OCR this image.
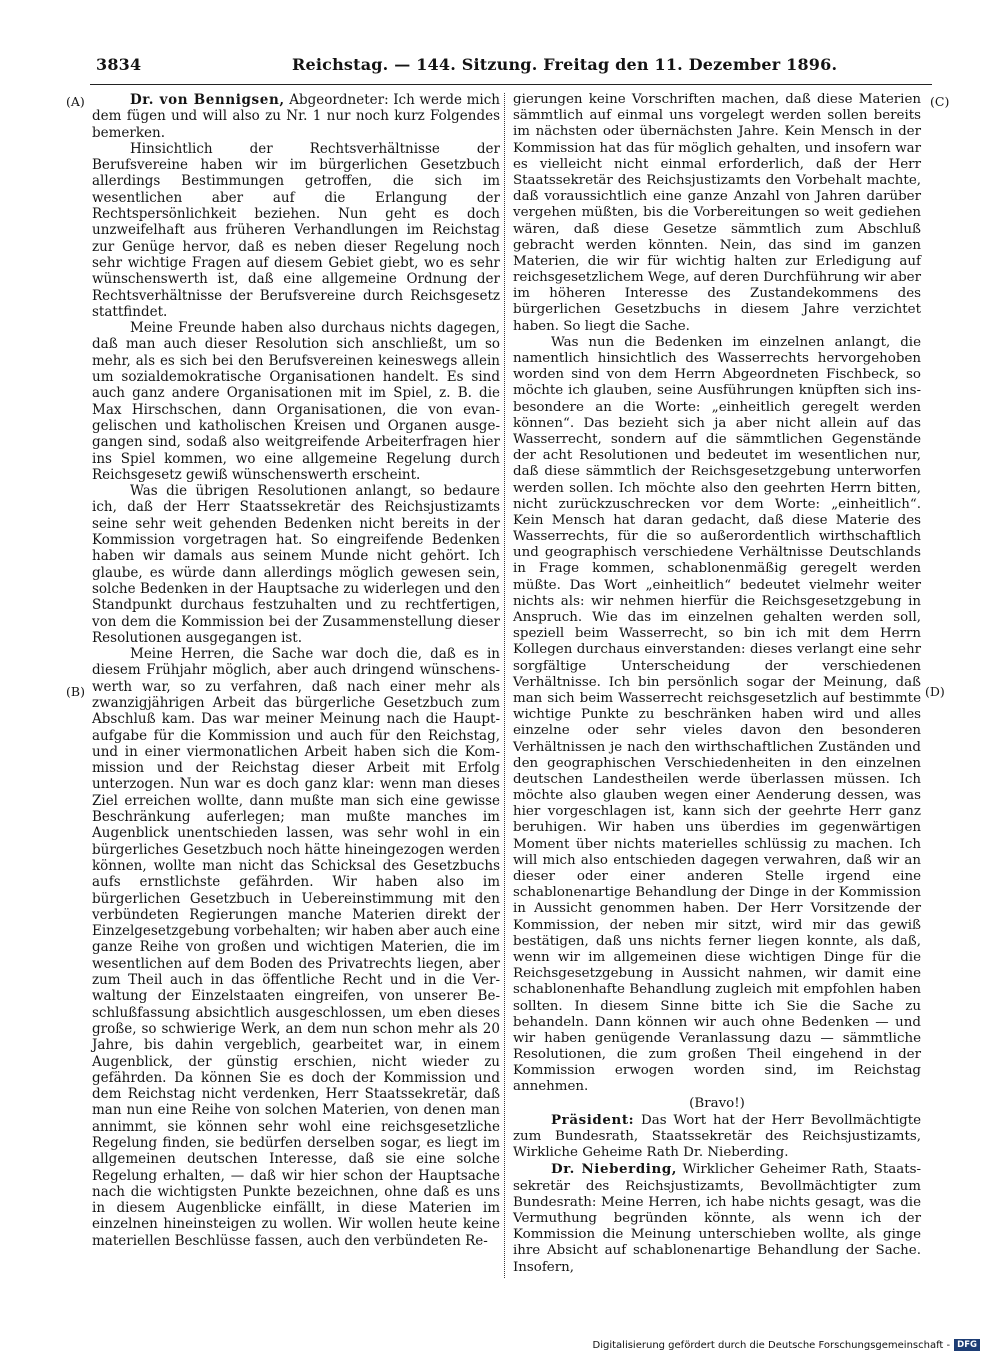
3834	Reichstag. — 144. Sitzung. Freitag den 11. Dezember 1896.
(A)
(B)
(C)
(D)

Dr. von Bennigsen, Abgeordneter: Ich werde mich dem fügen und will also zu Nr. 1 nur noch kurz Folgendes bemerken.

Hinsichtlich der Rechtsverhältnisse der Berufsvereine haben wir im bürgerlichen Gesetzbuch allerdings Bestimmungen getroffen, die sich im wesentlichen aber auf die Erlangung der Rechtspersönlichkeit beziehen. Nun geht es doch unzweifelhaft aus früheren Verhandlungen im Reichstag zur Genüge hervor, daß es neben dieser Regelung noch sehr wichtige Fragen auf diesem Gebiet giebt, wo es sehr wünschenswerth ist, daß eine allgemeine Ordnung der Rechtsverhältnisse der Berufsvereine durch Reichsgesetz stattfindet.

Meine Freunde haben also durchaus nichts dagegen, daß man auch dieser Resolution sich anschließt, um so mehr, als es sich bei den Berufsvereinen keineswegs allein um sozialdemokratische Organisationen handelt. Es sind auch ganz andere Organisationen mit im Spiel, z. B. die Max Hirschschen, dann Organisationen, die von evangelischen und katholischen Kreisen und Organen ausgegangen sind, sodaß also weitgreifende Arbeiterfragen hier ins Spiel kommen, wo eine allgemeine Regelung durch Reichsgesetz gewiß wünschenswerth erscheint.

Was die übrigen Resolutionen anlangt, so bedaure ich, daß der Herr Staatssekretär des Reichsjustizamts seine sehr weit gehenden Bedenken nicht bereits in der Kommission vorgetragen hat. So eingreifende Bedenken haben wir damals aus seinem Munde nicht gehört. Ich glaube, es würde dann allerdings möglich gewesen sein, solche Bedenken in der Hauptsache zu widerlegen und den Standpunkt durchaus festzuhalten und zu rechtfertigen, von dem die Kommission bei der Zusammenstellung dieser Resolutionen ausgegangen ist.

Meine Herren, die Sache war doch die, daß es in diesem Frühjahr möglich, aber auch dringend wünschenswerth war, so zu verfahren, daß nach einer mehr als zwanzigjährigen Arbeit das bürgerliche Gesetzbuch zum Abschluß kam. Das war meiner Meinung nach die Hauptaufgabe für die Kommission und auch für den Reichstag, und in einer viermonatlichen Arbeit haben sich die Kommission und der Reichstag dieser Arbeit mit Erfolg unterzogen. Nun war es doch ganz klar: wenn man dieses Ziel erreichen wollte, dann mußte man sich eine gewisse Beschränkung auferlegen; man mußte manches im Augenblick unentschieden lassen, was sehr wohl in ein bürgerliches Gesetzbuch noch hätte hineingezogen werden können, wollte man nicht das Schicksal des Gesetzbuchs aufs ernstlichste gefährden. Wir haben also im bürgerlichen Gesetzbuch in Uebereinstimmung mit den verbündeten Regierungen manche Materien direkt der Einzelgesetzgebung vorbehalten; wir haben aber auch eine ganze Reihe von großen und wichtigen Materien, die im wesentlichen auf dem Boden des Privatrechts liegen, aber zum Theil auch in das öffentliche Recht und in die Verwaltung der Einzelstaaten eingreifen, von unserer Beschlußfassung absichtlich ausgeschlossen, um eben dieses große, so schwierige Werk, an dem nun schon mehr als 20 Jahre, bis dahin vergeblich, gearbeitet war, in einem Augenblick, der günstig erschien, nicht wieder zu gefährden. Da können Sie es doch der Kommission und dem Reichstag nicht verdenken, Herr Staatssekretär, daß man nun eine Reihe von solchen Materien, von denen man annimmt, sie können sehr wohl eine reichsgesetzliche Regelung finden, sie bedürfen derselben sogar, es liegt im allgemeinen deutschen Interesse, daß sie eine solche Regelung erhalten, — daß wir hier schon der Hauptsache nach die wichtigsten Punkte bezeichnen, ohne daß es uns in diesem Augenblicke einfällt, in diese Materien im einzelnen hineinsteigen zu wollen. Wir wollen heute keine materiellen Beschlüsse fassen, auch den verbündeten Re-

gierungen keine Vorschriften machen, daß diese Materien sämmtlich auf einmal uns vorgelegt werden sollen bereits im nächsten oder übernächsten Jahre. Kein Mensch in der Kommission hat das für möglich gehalten, und insofern war es vielleicht nicht einmal erforderlich, daß der Herr Staatssekretär des Reichsjustizamts den Vorbehalt machte, daß voraussichtlich eine ganze Anzahl von Jahren darüber vergehen müßten, bis die Vorbereitungen so weit gediehen wären, daß diese Gesetze sämmtlich zum Abschluß gebracht werden könnten. Nein, das sind im ganzen Materien, die wir für wichtig halten zur Erledigung auf reichsgesetzlichem Wege, auf deren Durchführung wir aber im höheren Interesse des Zustandekommens des bürgerlichen Gesetzbuchs in diesem Jahre verzichtet haben. So liegt die Sache.

Was nun die Bedenken im einzelnen anlangt, die namentlich hinsichtlich des Wasserrechts hervorgehoben worden sind von dem Herrn Abgeordneten Fischbeck, so möchte ich glauben, seine Ausführungen knüpften sich insbesondere an die Worte: „einheitlich geregelt werden können“. Das bezieht sich ja aber nicht allein auf das Wasserrecht, sondern auf die sämmtlichen Gegenstände der acht Resolutionen und bedeutet im wesentlichen nur, daß diese sämmtlich der Reichsgesetzgebung unterworfen werden sollen. Ich möchte also den geehrten Herrn bitten, nicht zurückzuschrecken vor dem Worte: „einheitlich“. Kein Mensch hat daran gedacht, daß diese Materie des Wasserrechts, für die so außerordentlich wirthschaftlich und geographisch verschiedene Verhältnisse Deutschlands in Frage kommen, schablonenmäßig geregelt werden müßte. Das Wort „einheitlich“ bedeutet vielmehr weiter nichts als: wir nehmen hierfür die Reichsgesetzgebung in Anspruch. Wie das im einzelnen gehalten werden soll, speziell beim Wasserrecht, so bin ich mit dem Herrn Kollegen durchaus einverstanden: dieses verlangt eine sehr sorgfältige Unterscheidung der verschiedenen Verhältnisse. Ich bin persönlich sogar der Meinung, daß man sich beim Wasserrecht reichsgesetzlich auf bestimmte wichtige Punkte zu beschränken haben wird und alles einzelne oder sehr vieles davon den besonderen Verhältnissen je nach den wirthschaftlichen Zuständen und den geographischen Verschiedenheiten in den einzelnen deutschen Landestheilen werde überlassen müssen. Ich möchte also glauben wegen einer Aenderung dessen, was hier vorgeschlagen ist, kann sich der geehrte Herr ganz beruhigen. Wir haben uns überdies im gegenwärtigen Moment über nichts materielles schlüssig zu machen. Ich will mich also entschieden dagegen verwahren, daß wir an dieser oder einer anderen Stelle irgend eine schablonenartige Behandlung der Dinge in der Kommission in Aussicht genommen haben. Der Herr Vorsitzende der Kommission, der neben mir sitzt, wird mir das gewiß bestätigen, daß uns nichts ferner liegen konnte, als daß, wenn wir im allgemeinen diese wichtigen Dinge für die Reichsgesetzgebung in Aussicht nahmen, wir damit eine schablonenhafte Behandlung zugleich mit empfohlen haben sollten. In diesem Sinne bitte ich Sie die Sache zu behandeln. Dann können wir auch ohne Bedenken — und wir haben genügende Veranlassung dazu — sämmtliche Resolutionen, die zum großen Theil eingehend in der Kommission erwogen worden sind, im Reichstag annehmen.

(Bravo!)

Präsident: Das Wort hat der Herr Bevollmächtigte zum Bundesrath, Staatssekretär des Reichsjustizamts, Wirkliche Geheime Rath Dr. Nieberding.

Dr. Nieberding, Wirklicher Geheimer Rath, Staatssekretär des Reichsjustizamts, Bevollmächtigter zum Bundesrath: Meine Herren, ich habe nichts gesagt, was die Vermuthung begründen könnte, als wenn ich der Kommission die Meinung unterschieben wollte, als ginge ihre Absicht auf schablonenartige Behandlung der Sache. Insofern,

Digitalisierung gefördert durch die Deutsche Forschungsgemeinschaft - DFG
